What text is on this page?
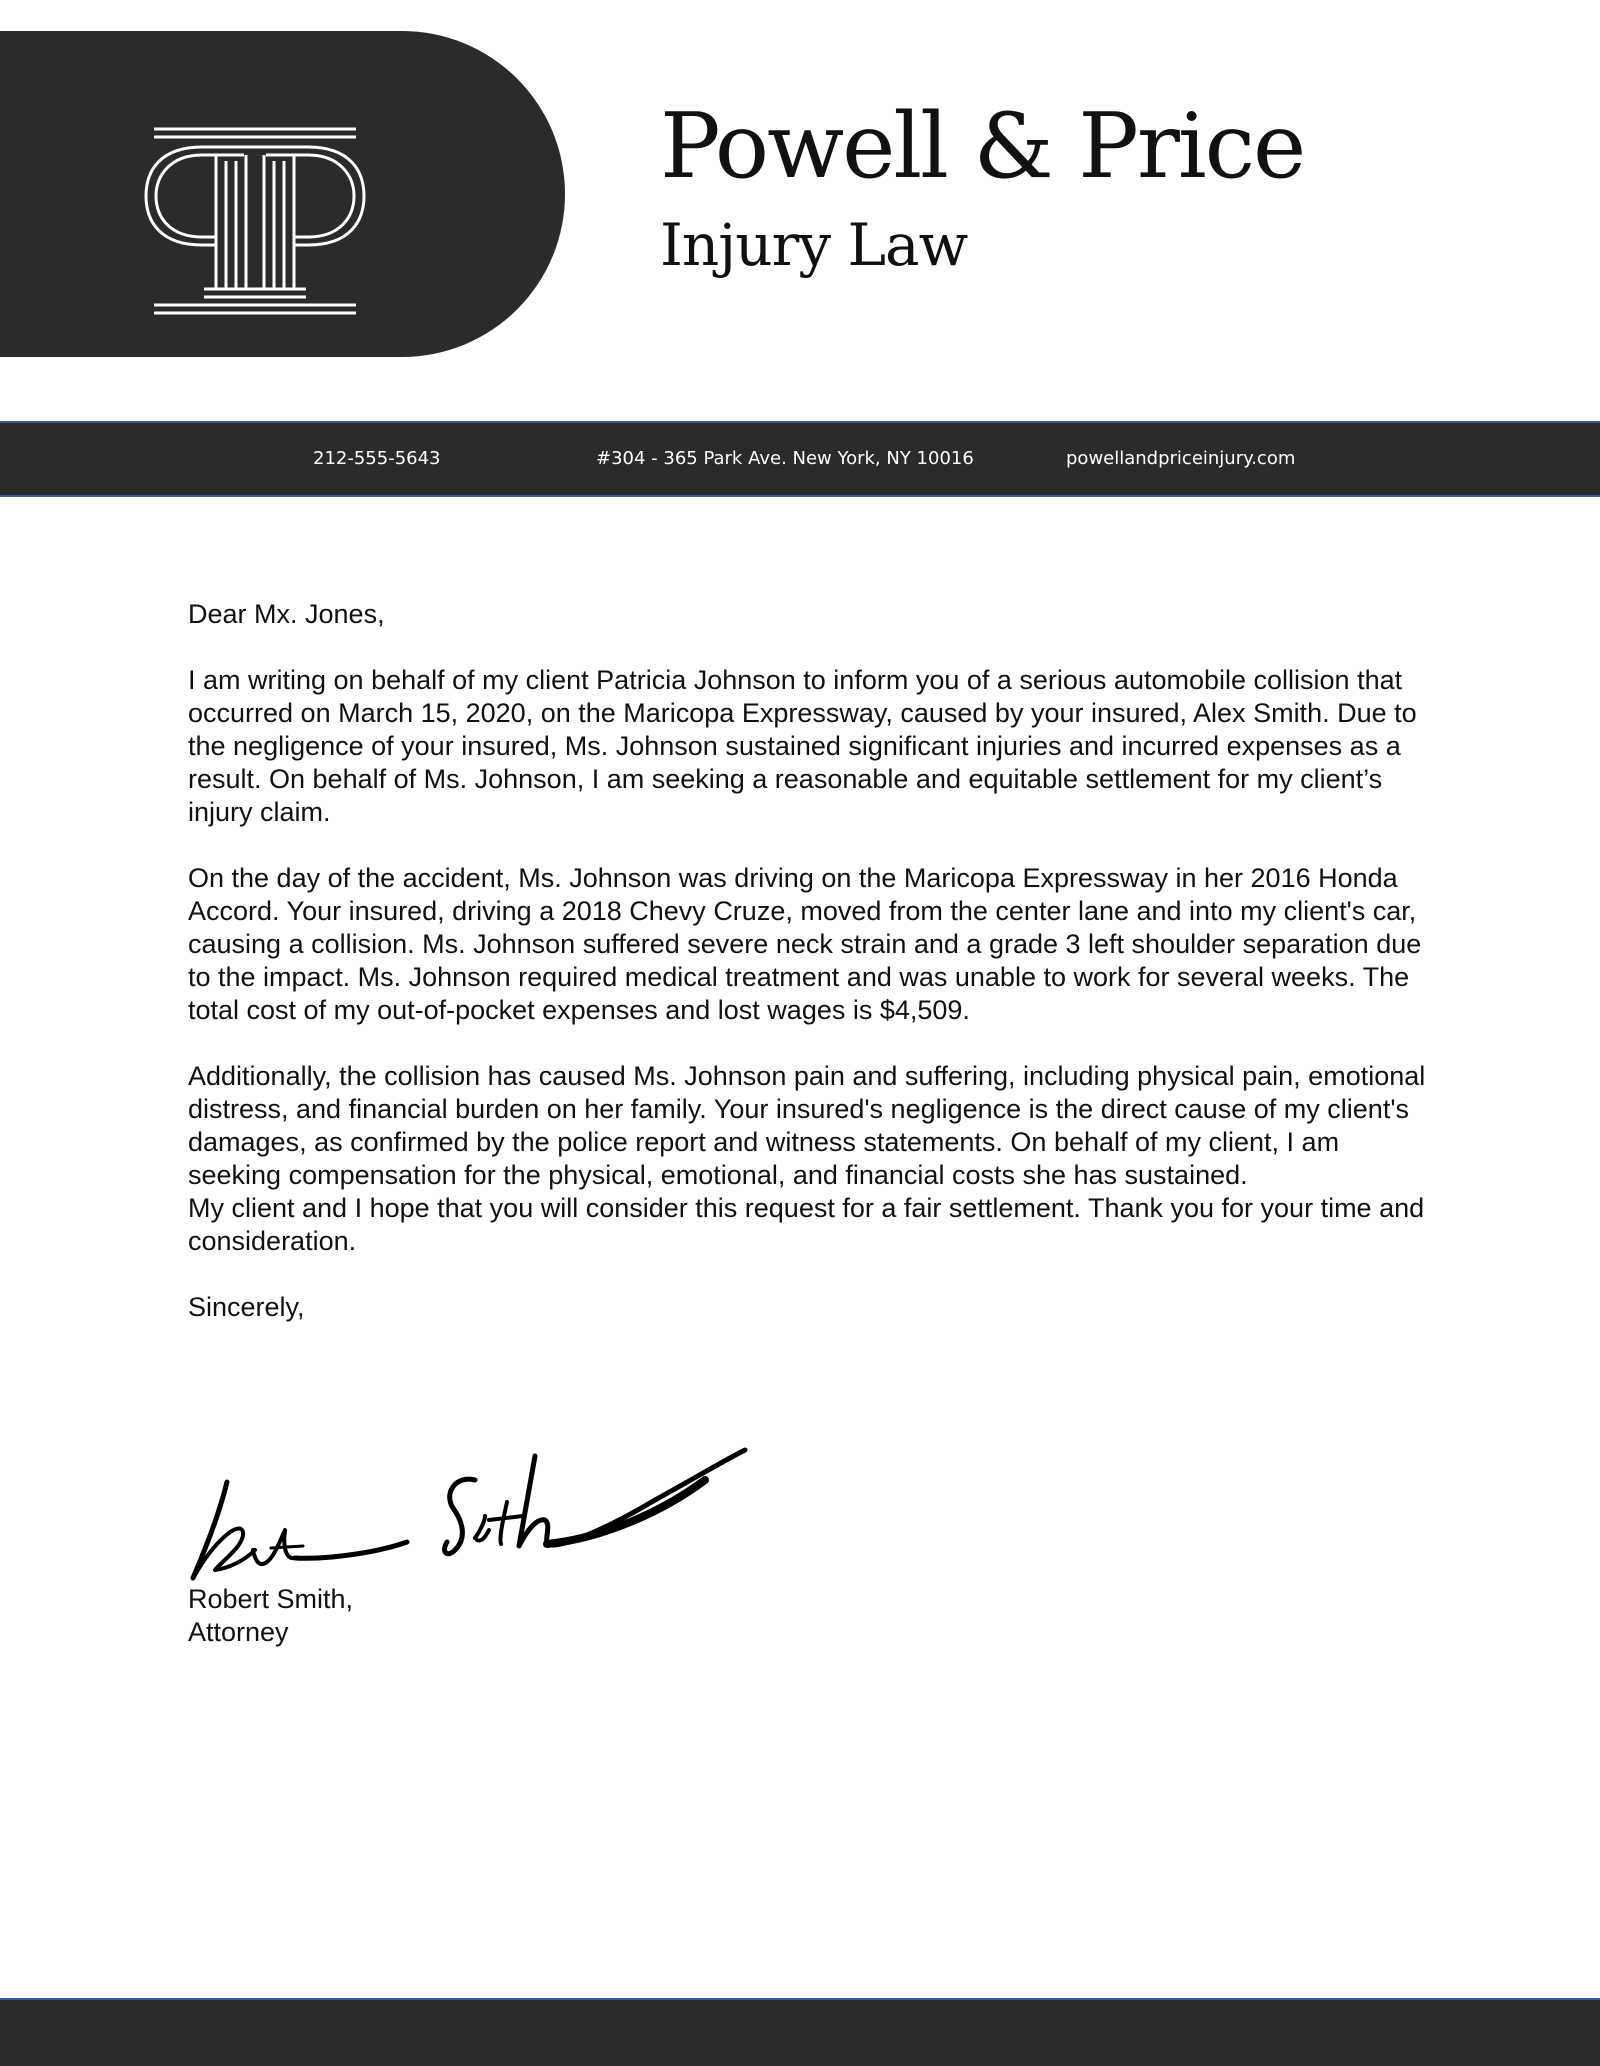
Powell & Price
Injury Law
212-555-5643	#304 - 365 Park Ave. New York, NY 10016	powellandpriceinjury.com

Dear Mx. Jones,

I am writing on behalf of my client Patricia Johnson to inform you of a serious automobile collision that occurred on March 15, 2020, on the Maricopa Expressway, caused by your insured, Alex Smith. Due to the negligence of your insured, Ms. Johnson sustained significant injuries and incurred expenses as a result. On behalf of Ms. Johnson, I am seeking a reasonable and equitable settlement for my client’s injury claim.

On the day of the accident, Ms. Johnson was driving on the Maricopa Expressway in her 2016 Honda Accord. Your insured, driving a 2018 Chevy Cruze, moved from the center lane and into my client's car, causing a collision. Ms. Johnson suffered severe neck strain and a grade 3 left shoulder separation due to the impact. Ms. Johnson required medical treatment and was unable to work for several weeks. The total cost of my out-of-pocket expenses and lost wages is $4,509.

Additionally, the collision has caused Ms. Johnson pain and suffering, including physical pain, emotional distress, and financial burden on her family. Your insured's negligence is the direct cause of my client's damages, as confirmed by the police report and witness statements. On behalf of my client, I am seeking compensation for the physical, emotional, and financial costs she has sustained.

My client and I hope that you will consider this request for a fair settlement. Thank you for your time and consideration.

Sincerely,

Robert Smith,
Attorney
